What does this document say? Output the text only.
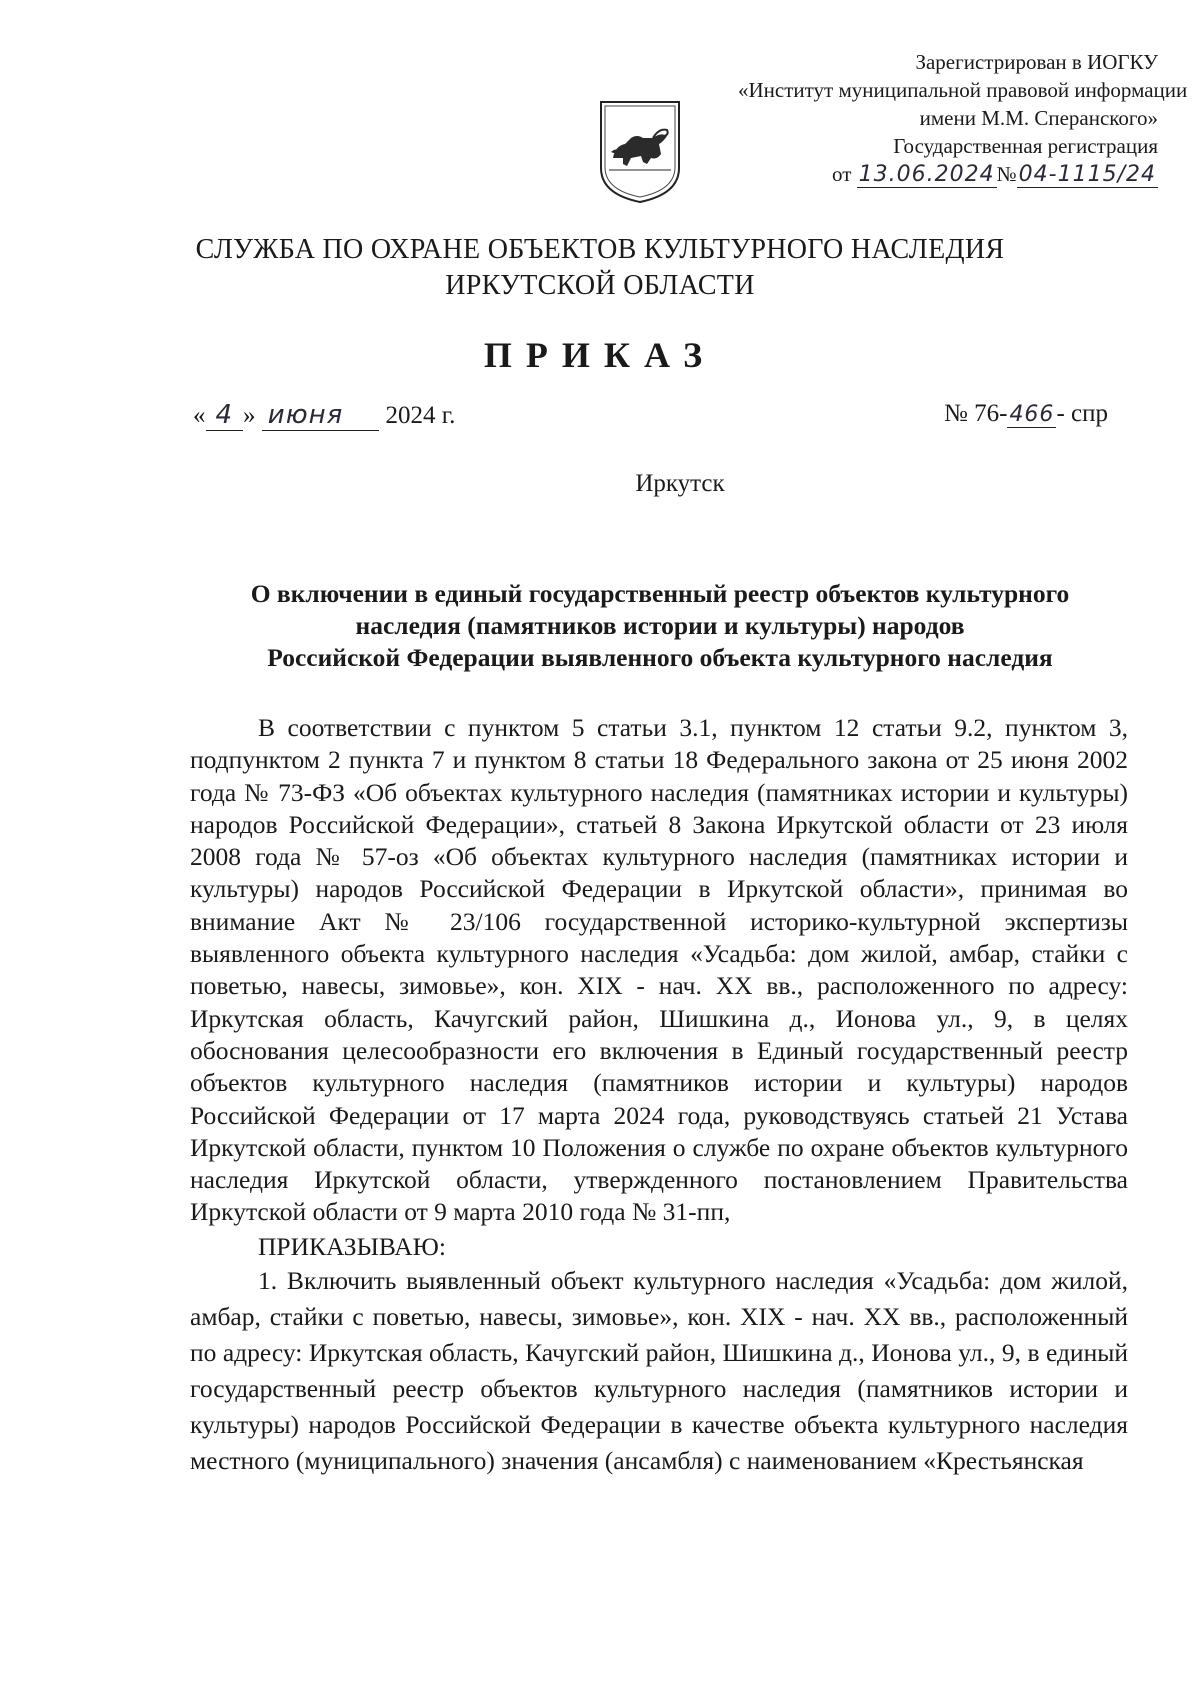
Зарегистрирован в ИОГКУ
«Институт муниципальной правовой информации
имени М.М. Сперанского»
Государственная регистрация
от 13.06.2024№04-1115/24
СЛУЖБА ПО ОХРАНЕ ОБЪЕКТОВ КУЛЬТУРНОГО НАСЛЕДИЯ
ИРКУТСКОЙ ОБЛАСТИ
ПРИКАЗ
« 4 » июня 2024 г.	№ 76-466- спр
Иркутск
О включении в единый государственный реестр объектов культурного
наследия (памятников истории и культуры) народов
Российской Федерации выявленного объекта культурного наследия

В соответствии с пунктом 5 статьи 3.1, пунктом 12 статьи 9.2, пунктом 3, подпунктом 2 пункта 7 и пунктом 8 статьи 18 Федерального закона от 25 июня 2002 года № 73-ФЗ «Об объектах культурного наследия (памятниках истории и культуры) народов Российской Федерации», статьей 8 Закона Иркутской области от 23 июля 2008 года № 57-оз «Об объектах культурного наследия (памятниках истории и культуры) народов Российской Федерации в Иркутской области», принимая во внимание Акт № 23/106 государственной историко-культурной экспертизы выявленного объекта культурного наследия «Усадьба: дом жилой, амбар, стайки с поветью, навесы, зимовье», кон. XIX - нач. XX вв., расположенного по адресу: Иркутская область, Качугский район, Шишкина д., Ионова ул., 9, в целях обоснования целесообразности его включения в Единый государственный реестр объектов культурного наследия (памятников истории и культуры) народов Российской Федерации от 17 марта 2024 года, руководствуясь статьей 21 Устава Иркутской области, пунктом 10 Положения о службе по охране объектов культурного наследия Иркутской области, утвержденного постановлением Правительства Иркутской области от 9 марта 2010 года № 31-пп,

ПРИКАЗЫВАЮ:

1. Включить выявленный объект культурного наследия «Усадьба: дом жилой, амбар, стайки с поветью, навесы, зимовье», кон. XIX - нач. XX вв., расположенный по адресу: Иркутская область, Качугский район, Шишкина д., Ионова ул., 9, в единый государственный реестр объектов культурного наследия (памятников истории и культуры) народов Российской Федерации в качестве объекта культурного наследия местного (муниципального) значения (ансамбля) с наименованием «Крестьянская
